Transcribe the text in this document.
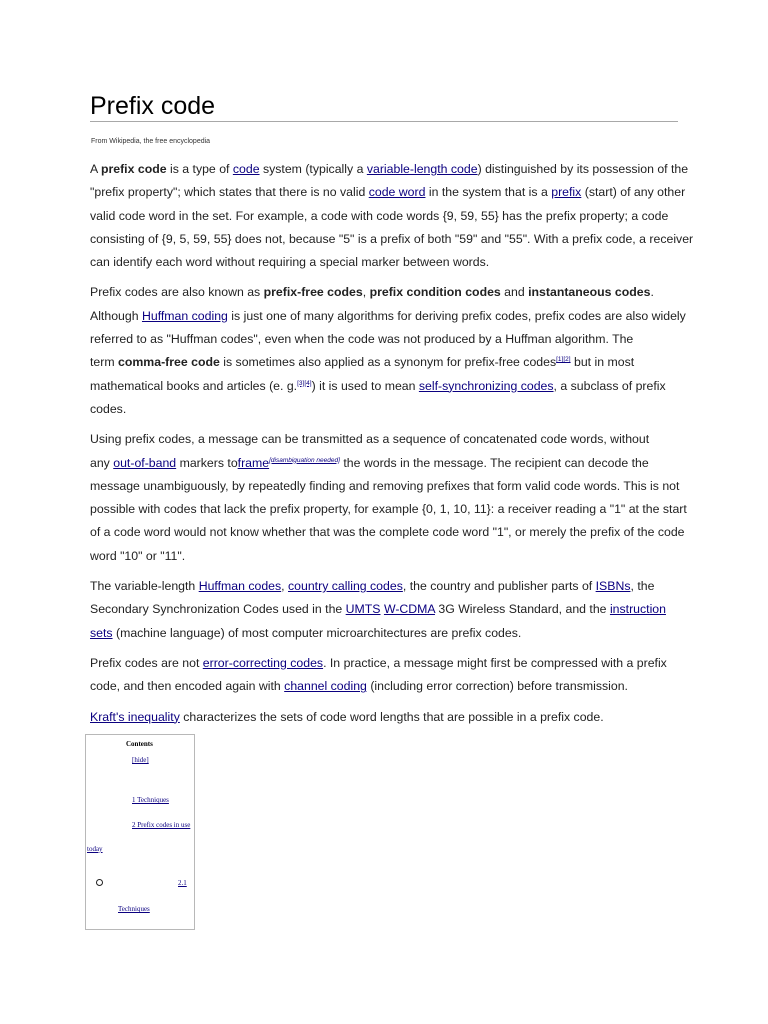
Prefix code
From Wikipedia, the free encyclopedia

A prefix code is a type of code system (typically a variable-length code) distinguished by its possession of the
"prefix property"; which states that there is no valid code word in the system that is a prefix (start) of any other
valid code word in the set. For example, a code with code words {9, 59, 55} has the prefix property; a code
consisting of {9, 5, 59, 55} does not, because "5" is a prefix of both "59" and "55". With a prefix code, a receiver
can identify each word without requiring a special marker between words.

Prefix codes are also known as prefix-free codes, prefix condition codes and instantaneous codes.
Although Huffman coding is just one of many algorithms for deriving prefix codes, prefix codes are also widely
referred to as "Huffman codes", even when the code was not produced by a Huffman algorithm. The
term comma-free code is sometimes also applied as a synonym for prefix-free codes[1][2] but in most
mathematical books and articles (e. g.[3][4]) it is used to mean self-synchronizing codes, a subclass of prefix
codes.

Using prefix codes, a message can be transmitted as a sequence of concatenated code words, without
any out-of-band markers toframe[disambiguation needed] the words in the message. The recipient can decode the
message unambiguously, by repeatedly finding and removing prefixes that form valid code words. This is not
possible with codes that lack the prefix property, for example {0, 1, 10, 11}: a receiver reading a "1" at the start
of a code word would not know whether that was the complete code word "1", or merely the prefix of the code
word "10" or "11".

The variable-length Huffman codes, country calling codes, the country and publisher parts of ISBNs, the
Secondary Synchronization Codes used in the UMTS W-CDMA 3G Wireless Standard, and the instruction
sets (machine language) of most computer microarchitectures are prefix codes.

Prefix codes are not error-correcting codes. In practice, a message might first be compressed with a prefix
code, and then encoded again with channel coding (including error correction) before transmission.

Kraft's inequality characterizes the sets of code word lengths that are possible in a prefix code.

Contents
[hide]
1 Techniques
2 Prefix codes in use
today
2.1
Techniques
